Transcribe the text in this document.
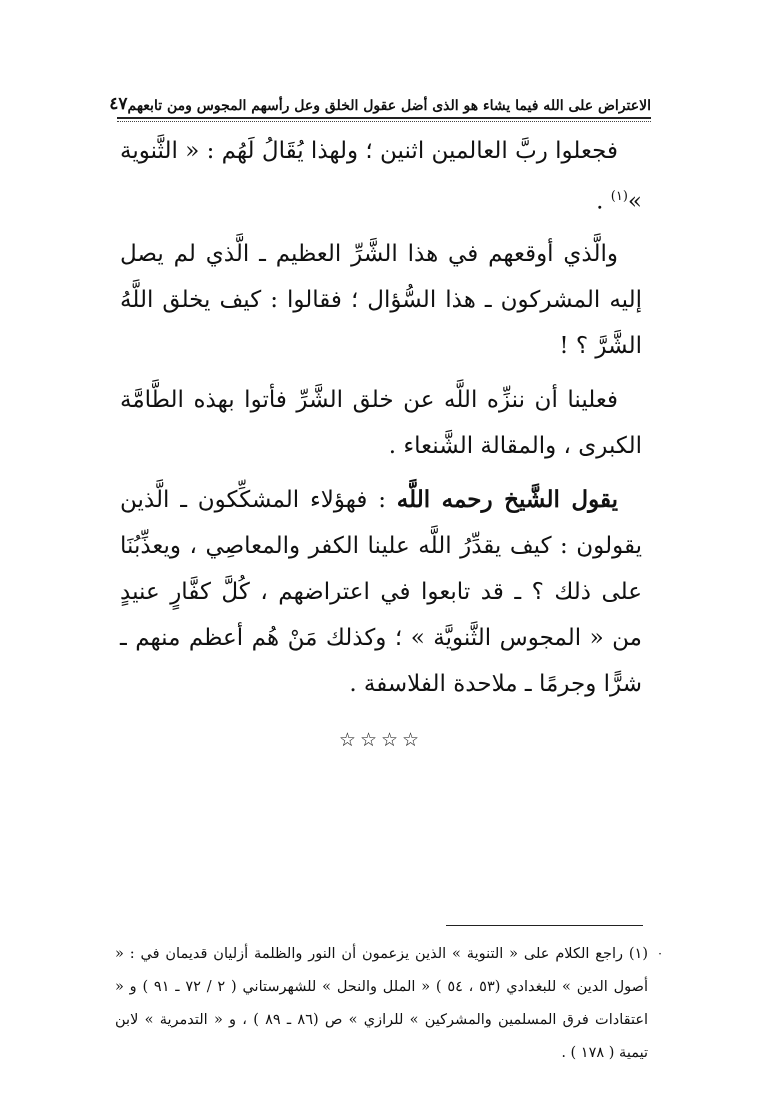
الاعتراض على الله فيما يشاء هو الذى أضل عقول الخلق وعل رأسهم المجوس ومن تابعهم
٤٧

فجعلوا ربَّ العالمين اثنين ؛ ولهذا يُقَالُ لَهُم : « الثَّنوية »$^{(١)}$ .

والَّذي أوقعهم في هذا الشَّرِّ العظيم ـ الَّذي لم يصل إليه المشركون ـ هذا السُّؤال ؛ فقالوا : كيف يخلق اللَّهُ الشَّرَّ ؟ !

فعلينا أن ننزِّه اللَّه عن خلق الشَّرِّ فأتوا بهذه الطَّامَّة الكبرى ، والمقالة الشَّنعاء .

يقول الشَّيخ رحمه اللَّه : فهؤلاء المشكِّكون ـ الَّذين يقولون : كيف يقدِّرُ اللَّه علينا الكفر والمعاصِي ، ويعذِّبُنَا على ذلك ؟ ـ قد تابعوا في اعتراضهم ، كُلَّ كفَّارٍ عنيدٍ من « المجوس الثَّنويَّة » ؛ وكذلك مَنْ هُم أعظم منهم ـ شرًّا وجرمًا ـ ملاحدة الفلاسفة .

☆☆☆☆
·
(١) راجع الكلام على « التنوية » الذين يزعمون أن النور والظلمة أزليان قديمان في : « أصول الدين » للبغدادي (٥٣ ، ٥٤ ) « الملل والنحل » للشهرستاني ( ٢ / ٧٢ ـ ٩١ ) و « اعتقادات فرق المسلمين والمشركين » للرازي » ص (٨٦ ـ ٨٩ ) ، و « التدمرية » لابن تيمية ( ١٧٨ ) .
